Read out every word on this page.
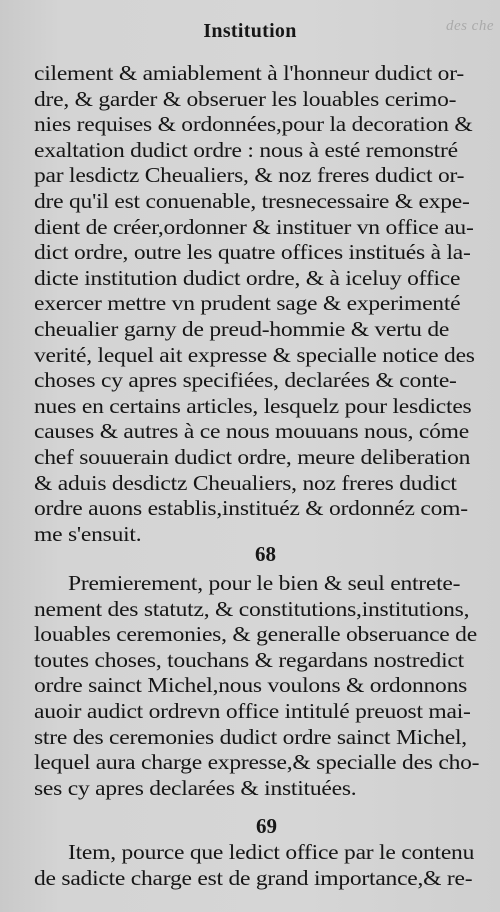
des che
Institution
cilement & amiablement à l'honneur dudict or-
dre, & garder & obseruer les louables cerimo-
nies requises & ordonnées,pour la decoration &
exaltation dudict ordre : nous à esté remonstré
par lesdictz Cheualiers, & noz freres dudict or-
dre qu'il est conuenable, tresnecessaire & expe-
dient de créer,ordonner & instituer vn office au-
dict ordre, outre les quatre offices institués à la-
dicte institution dudict ordre, & à iceluy office
exercer mettre vn prudent sage & experimenté
cheualier garny de preud-hommie & vertu de
verité, lequel ait expresse & specialle notice des
choses cy apres specifiées, declarées & conte-
nues en certains articles, lesquelz pour lesdictes
causes & autres à ce nous mouuans nous, cóme
chef souuerain dudict ordre, meure deliberation
& aduis desdictz Cheualiers, noz freres dudict
ordre auons establis,instituéz & ordonnéz com-
me s'ensuit.
68
Premierement, pour le bien & seul entrete-
nement des statutz, & constitutions,institutions,
louables ceremonies, & generalle obseruance de
toutes choses, touchans & regardans nostredict
ordre sainct Michel,nous voulons & ordonnons
auoir audict ordrevn office intitulé preuost mai-
stre des ceremonies dudict ordre sainct Michel,
lequel aura charge expresse,& specialle des cho-
ses cy apres declarées & instituées.
69
Item, pource que ledict office par le contenu
de sadicte charge est de grand importance,& re-
